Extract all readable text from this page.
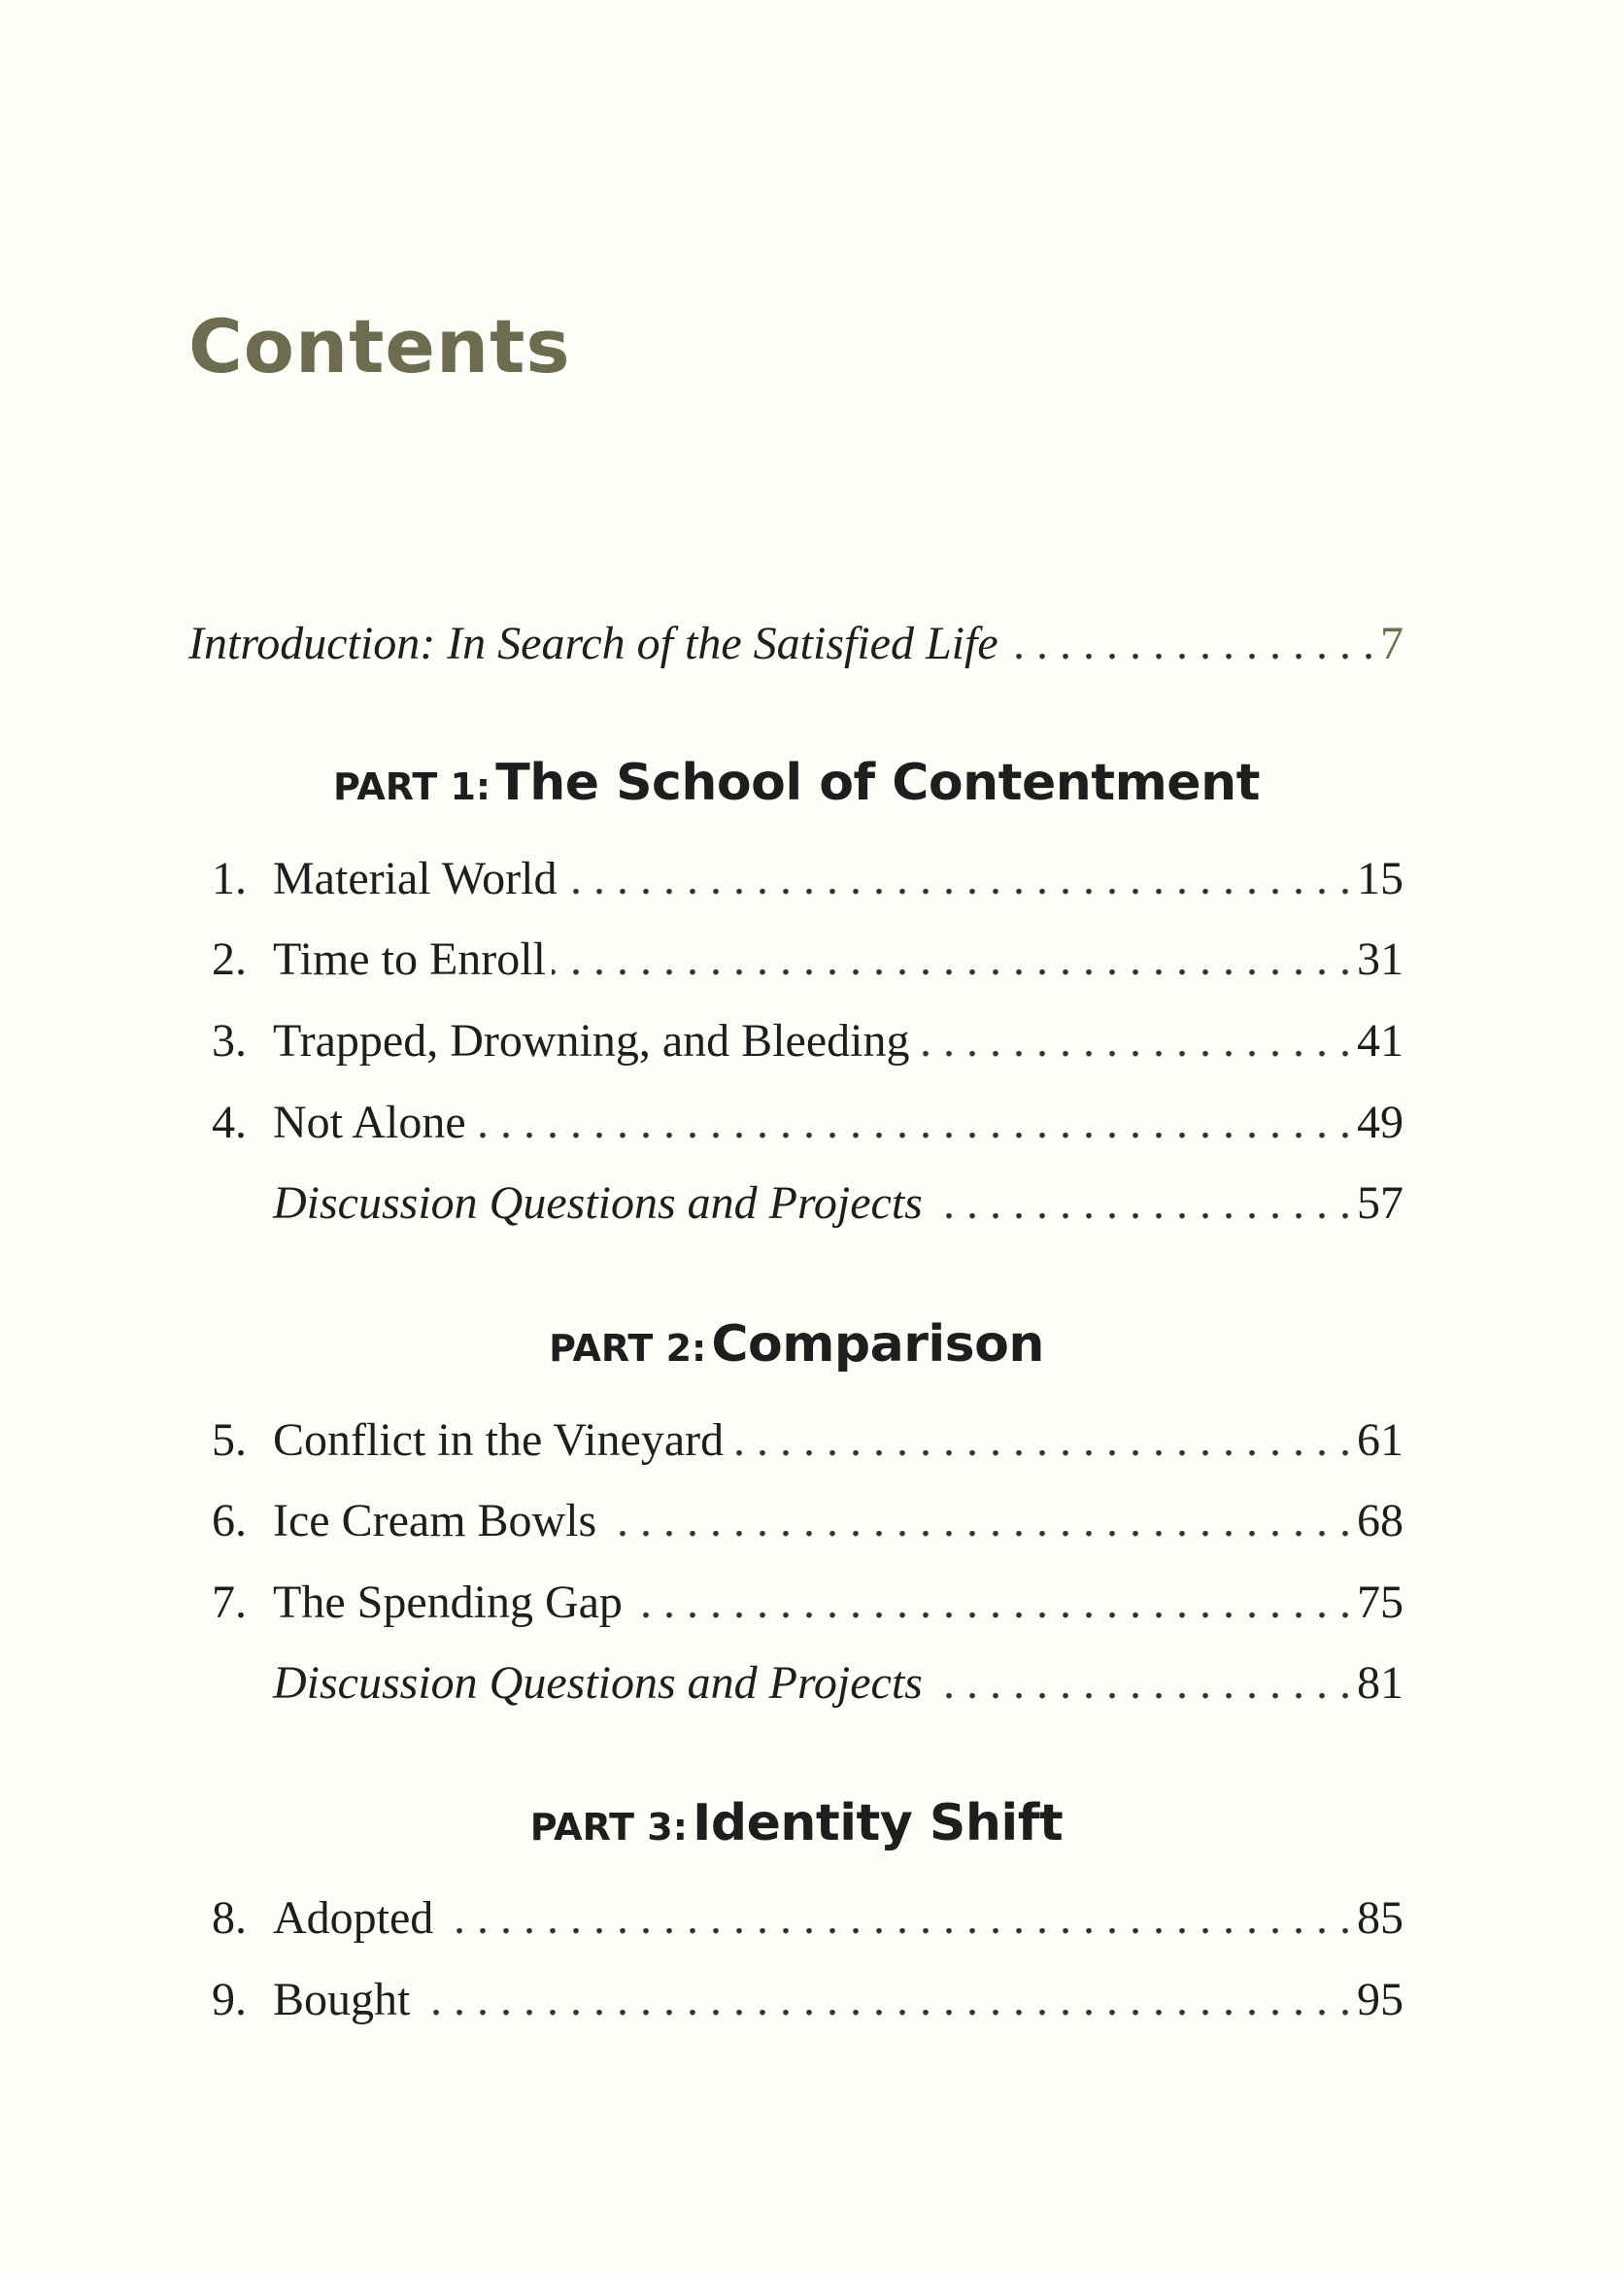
Contents
Introduction: In Search of the Satisfied Life . . .	7
PART 1: The School of Contentment
1. Material World . . .	15
2. Time to Enroll . . .	31
3. Trapped, Drowning, and Bleeding . . .	41
4. Not Alone . . .	49
Discussion Questions and Projects . . .	57
PART 2: Comparison
5. Conflict in the Vineyard . . .	61
6. Ice Cream Bowls . . .	68
7. The Spending Gap . . .	75
Discussion Questions and Projects . . .	81
PART 3: Identity Shift
8. Adopted . . .	85
9. Bought . . .	95
